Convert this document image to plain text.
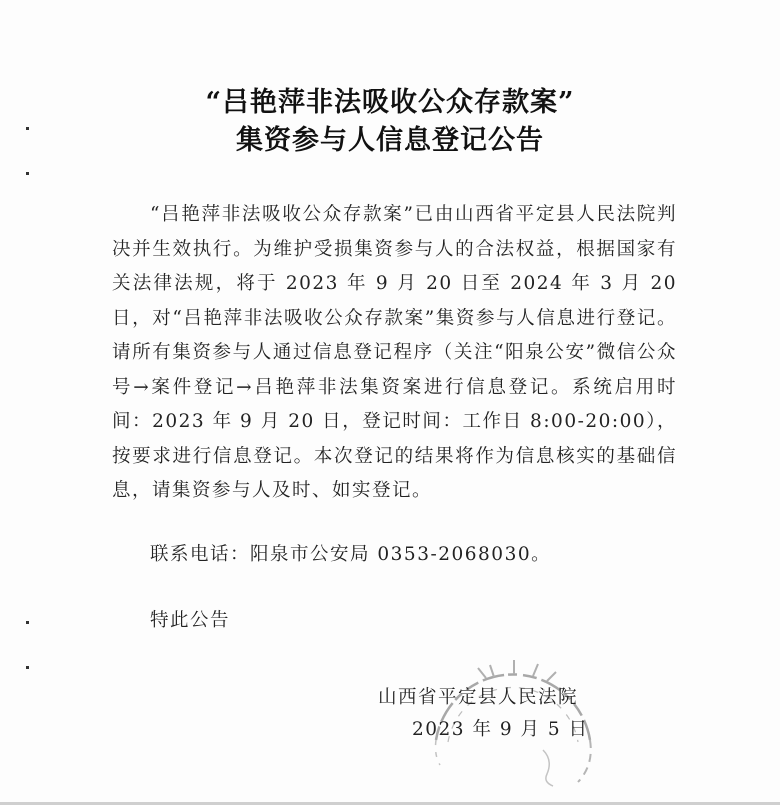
“吕艳萍非法吸收公众存款案”
集资参与人信息登记公告

“吕艳萍非法吸收公众存款案”已由山西省平定县人民法院判决并生效执行。为维护受损集资参与人的合法权益，根据国家有关法律法规，将于 2023 年 9 月 20 日至 2024 年 3 月 20 日，对“吕艳萍非法吸收公众存款案”集资参与人信息进行登记。请所有集资参与人通过信息登记程序（关注“阳泉公安”微信公众号→案件登记→吕艳萍非法集资案进行信息登记。系统启用时间：2023 年 9 月 20 日，登记时间：工作日 8:00-20:00），按要求进行信息登记。本次登记的结果将作为信息核实的基础信息，请集资参与人及时、如实登记。

联系电话：阳泉市公安局 0353-2068030。
特此公告
山西省平定县人民法院
2023 年 9 月 5 日
